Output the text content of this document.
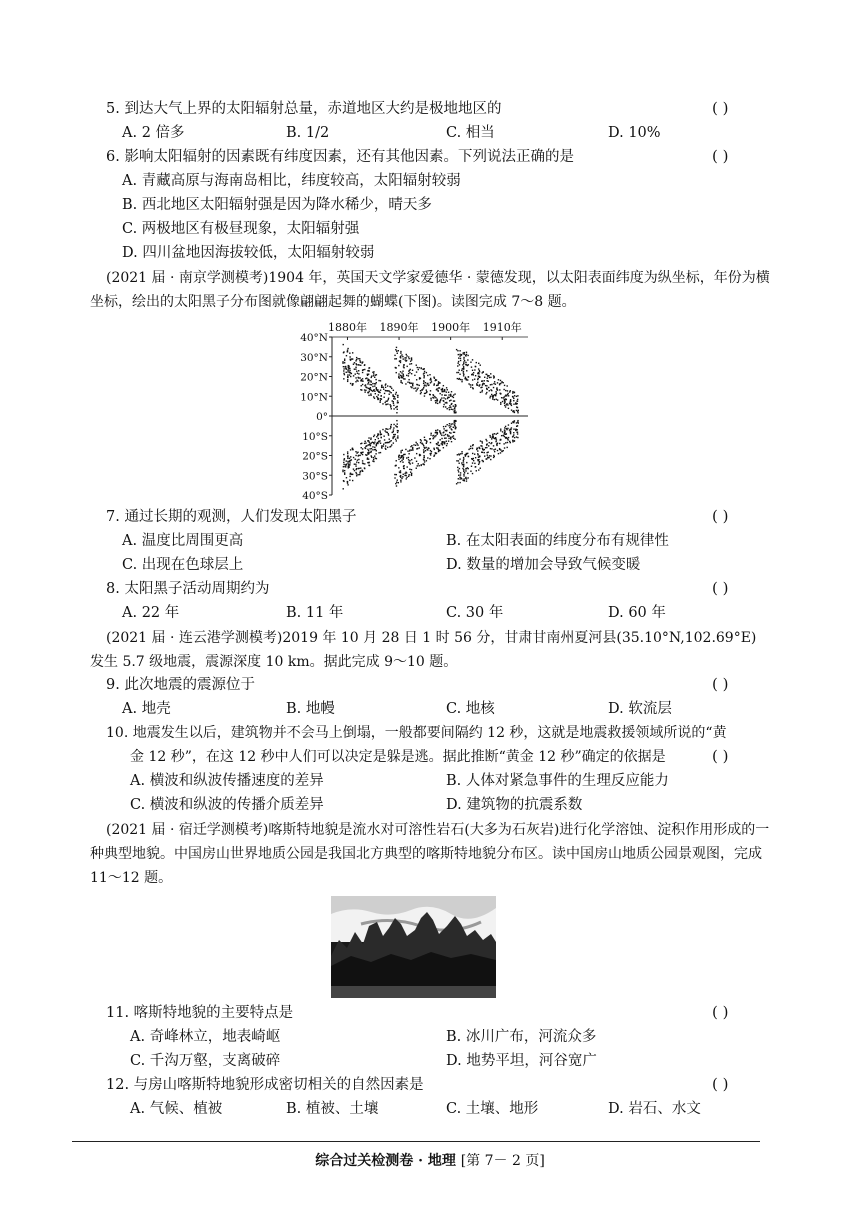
5. 到达大气上界的太阳辐射总量，赤道地区大约是极地地区的	( )
A. 2 倍多	B. 1/2	C. 相当	D. 10%
6. 影响太阳辐射的因素既有纬度因素，还有其他因素。下列说法正确的是	( )
A. 青藏高原与海南岛相比，纬度较高，太阳辐射较弱
B. 西北地区太阳辐射强是因为降水稀少，晴天多
C. 两极地区有极昼现象，太阳辐射强
D. 四川盆地因海拔较低，太阳辐射较弱
(2021 届 · 南京学测模考)1904 年，英国天文学家爱德华 · 蒙德发现，以太阳表面纬度为纵坐标，年份为横坐标，绘出的太阳黑子分布图就像翩翩起舞的蝴蝶(下图)。读图完成 7～8 题。
1880年 1890年 1900年 1910年
40°N
30°N
20°N
10°N
0°
10°S
20°S
30°S
40°S
7. 通过长期的观测，人们发现太阳黑子	( )
A. 温度比周围更高	B. 在太阳表面的纬度分布有规律性
C. 出现在色球层上	D. 数量的增加会导致气候变暖
8. 太阳黑子活动周期约为	( )
A. 22 年	B. 11 年	C. 30 年	D. 60 年
(2021 届 · 连云港学测模考)2019 年 10 月 28 日 1 时 56 分，甘肃甘南州夏河县(35.10°N,102.69°E)发生 5.7 级地震，震源深度 10 km。据此完成 9～10 题。
9. 此次地震的震源位于	( )
A. 地壳	B. 地幔	C. 地核	D. 软流层
10. 地震发生以后，建筑物并不会马上倒塌，一般都要间隔约 12 秒，这就是地震救援领域所说的“黄
金 12 秒”，在这 12 秒中人们可以决定是躲是逃。据此推断“黄金 12 秒”确定的依据是	( )
A. 横波和纵波传播速度的差异	B. 人体对紧急事件的生理反应能力
C. 横波和纵波的传播介质差异	D. 建筑物的抗震系数
(2021 届 · 宿迁学测模考)喀斯特地貌是流水对可溶性岩石(大多为石灰岩)进行化学溶蚀、淀积作用形成的一种典型地貌。中国房山世界地质公园是我国北方典型的喀斯特地貌分布区。读中国房山地质公园景观图，完成 11～12 题。
11. 喀斯特地貌的主要特点是	( )
A. 奇峰林立，地表崎岖	B. 冰川广布，河流众多
C. 千沟万壑，支离破碎	D. 地势平坦，河谷宽广
12. 与房山喀斯特地貌形成密切相关的自然因素是	( )
A. 气候、植被	B. 植被、土壤	C. 土壤、地形	D. 岩石、水文
综合过关检测卷 · 地理 [第 7－ 2 页]
